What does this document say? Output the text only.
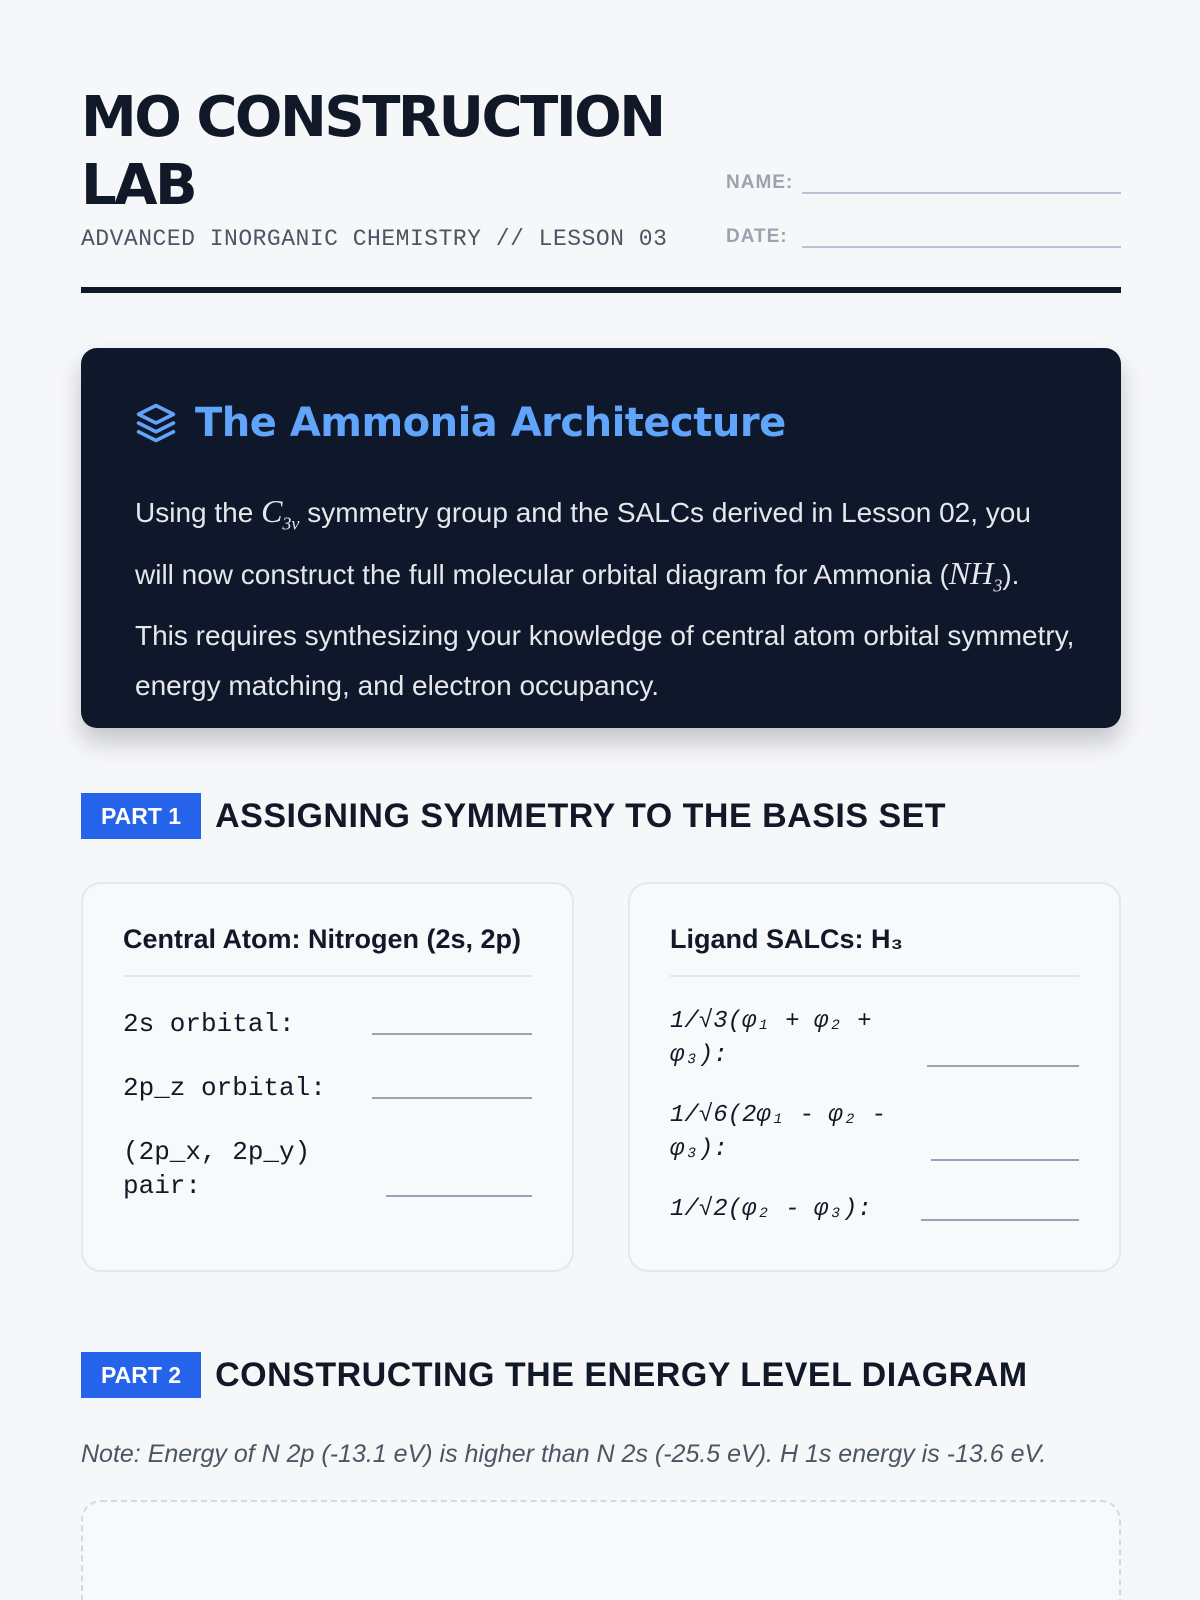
MO CONSTRUCTION LAB
ADVANCED INORGANIC CHEMISTRY // LESSON 03
NAME:
DATE:
The Ammonia Architecture

Using the $C_{3v}$ symmetry group and the SALCs derived in Lesson 02, you will now construct the full molecular orbital diagram for Ammonia $(NH_3)$. This requires synthesizing your knowledge of central atom orbital symmetry, energy matching, and electron occupancy.

PART 1	ASSIGNING SYMMETRY TO THE BASIS SET
Central Atom: Nitrogen (2s, 2p)
2s orbital:
2p_z orbital:
(2p_x, 2p_y) pair:
Ligand SALCs: H₃
1/√3(φ₁ + φ₂ + φ₃):
1/√6(2φ₁ - φ₂ - φ₃):
1/√2(φ₂ - φ₃):
PART 2	CONSTRUCTING THE ENERGY LEVEL DIAGRAM
Note: Energy of N 2p (-13.1 eV) is higher than N 2s (-25.5 eV). H 1s energy is -13.6 eV.
